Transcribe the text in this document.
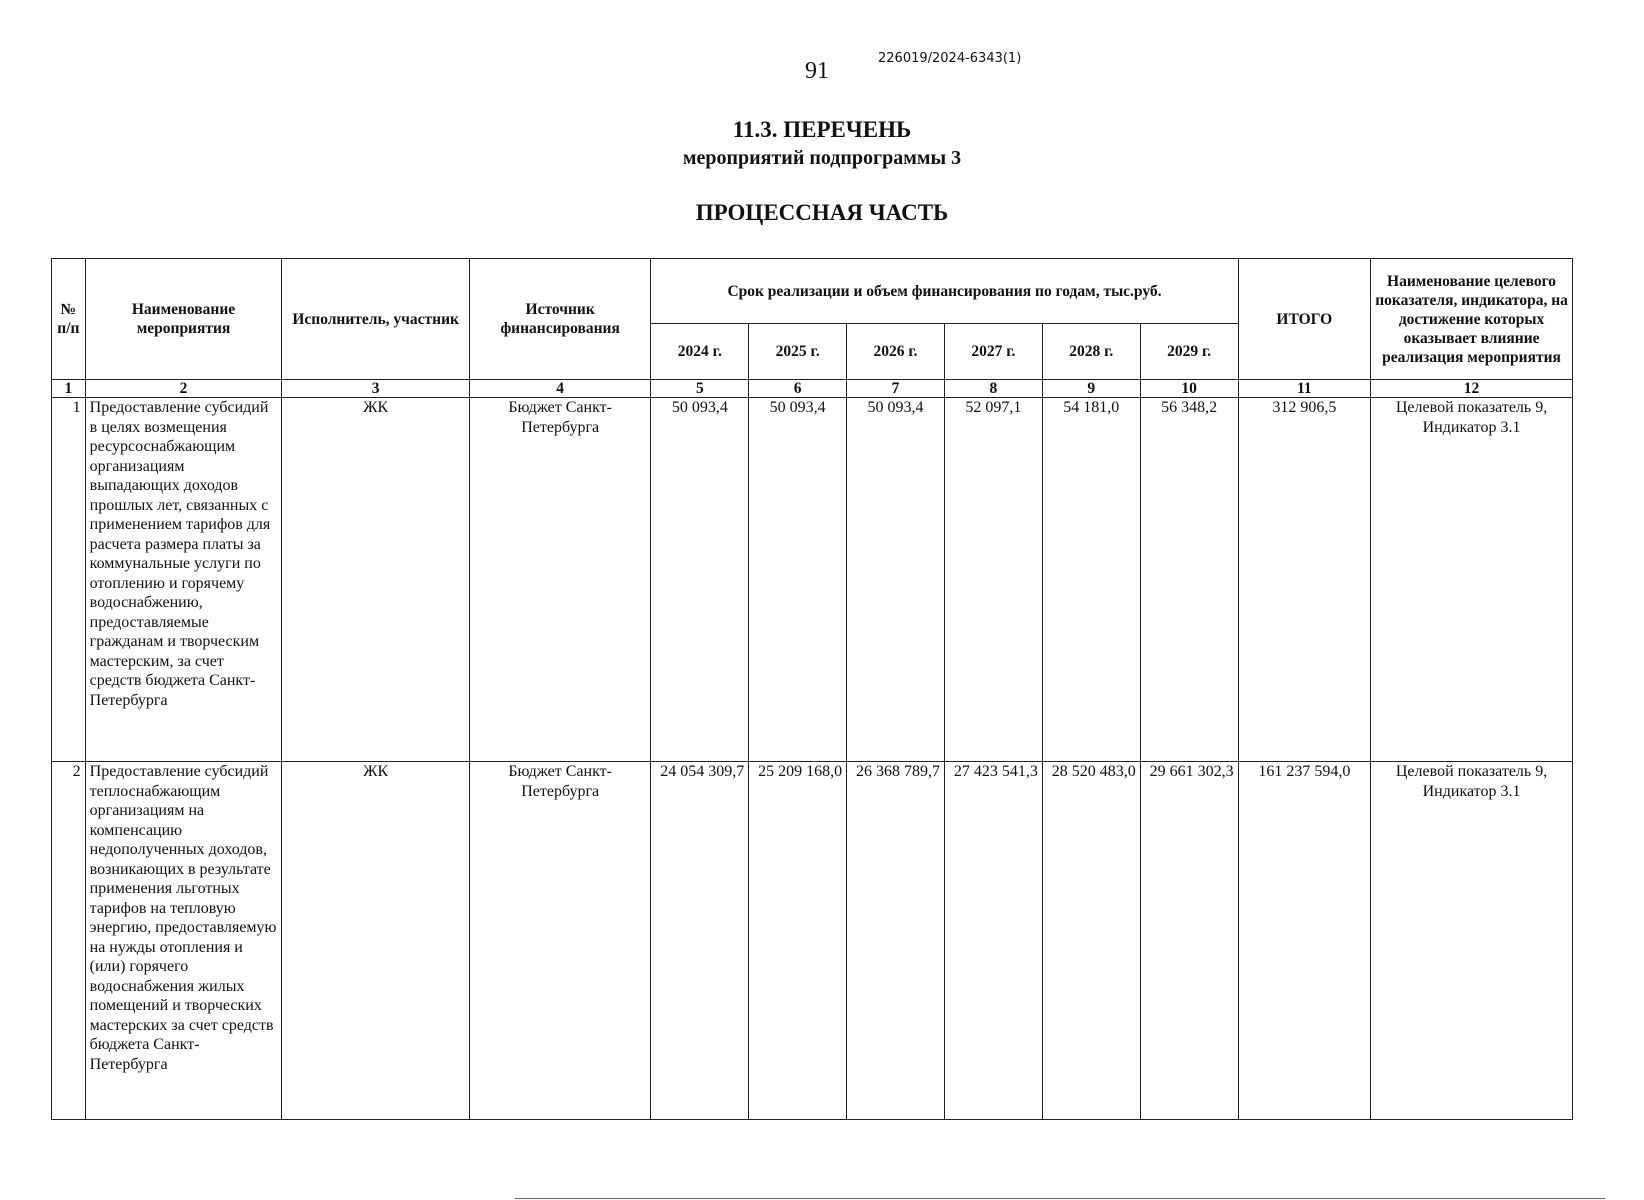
91	226019/2024-6343(1)
11.3. ПЕРЕЧЕНЬ
мероприятий подпрограммы 3
ПРОЦЕССНАЯ ЧАСТЬ
№ п/п	Наименование мероприятия	Исполнитель, участник	Источник финансирования	Срок реализации и объем финансирования по годам, тыс.руб.						ИТОГО	Наименование целевого показателя, индикатора, на достижение которых оказывает влияние реализация мероприятия
				2024 г.	2025 г.	2026 г.	2027 г.	2028 г.	2029 г.		
1	2	3	4	5	6	7	8	9	10	11	12
1	Предоставление субсидий в целях возмещения ресурсоснабжающим организациям выпадающих доходов прошлых лет, связанных с применением тарифов для расчета размера платы за коммунальные услуги по отоплению и горячему водоснабжению, предоставляемые гражданам и творческим мастерским, за счет средств бюджета Санкт-Петербурга	ЖК	Бюджет Санкт-Петербурга	50 093,4	50 093,4	50 093,4	52 097,1	54 181,0	56 348,2	312 906,5	Целевой показатель 9, Индикатор 3.1
2	Предоставление субсидий теплоснабжающим организациям на компенсацию недополученных доходов, возникающих в результате применения льготных тарифов на тепловую энергию, предоставляемую на нужды отопления и (или) горячего водоснабжения жилых помещений и творческих мастерских за счет средств бюджета Санкт-Петербурга	ЖК	Бюджет Санкт-Петербурга	24 054 309,7	25 209 168,0	26 368 789,7	27 423 541,3	28 520 483,0	29 661 302,3	161 237 594,0	Целевой показатель 9, Индикатор 3.1
